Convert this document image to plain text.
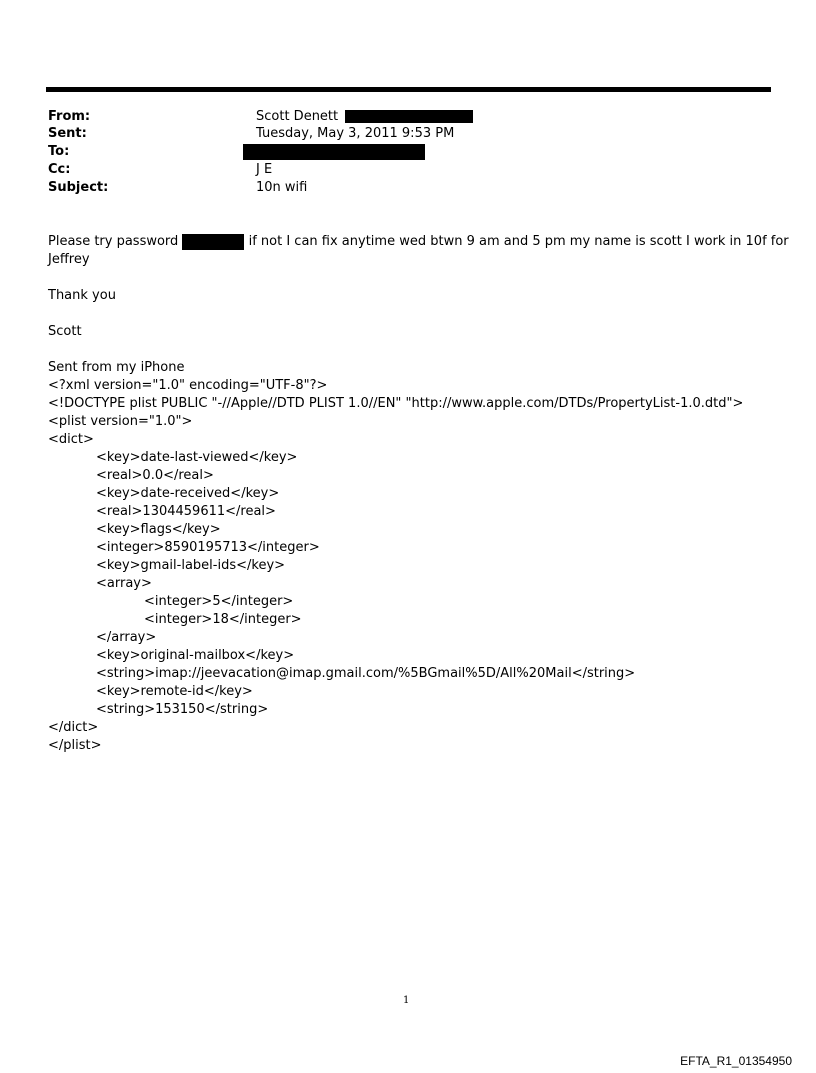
From:	Scott Denett
Sent:	Tuesday, May 3, 2011 9:53 PM
To:
Cc:	J E
Subject:	10n wifi
Please try password	if not I can fix anytime wed btwn 9 am and 5 pm my name is scott I work in 10f for
Jeffrey
Thank you
Scott
Sent from my iPhone
<?xml version="1.0" encoding="UTF-8"?>
<!DOCTYPE plist PUBLIC "-//Apple//DTD PLIST 1.0//EN" "http://www.apple.com/DTDs/PropertyList-1.0.dtd">
<plist version="1.0">
<dict>
<key>date-last-viewed</key>
<real>0.0</real>
<key>date-received</key>
<real>1304459611</real>
<key>flags</key>
<integer>8590195713</integer>
<key>gmail-label-ids</key>
<array>
<integer>5</integer>
<integer>18</integer>
</array>
<key>original-mailbox</key>
<string>imap://jeevacation@imap.gmail.com/%5BGmail%5D/All%20Mail</string>
<key>remote-id</key>
<string>153150</string>
</dict>
</plist>
1
EFTA_R1_01354950
